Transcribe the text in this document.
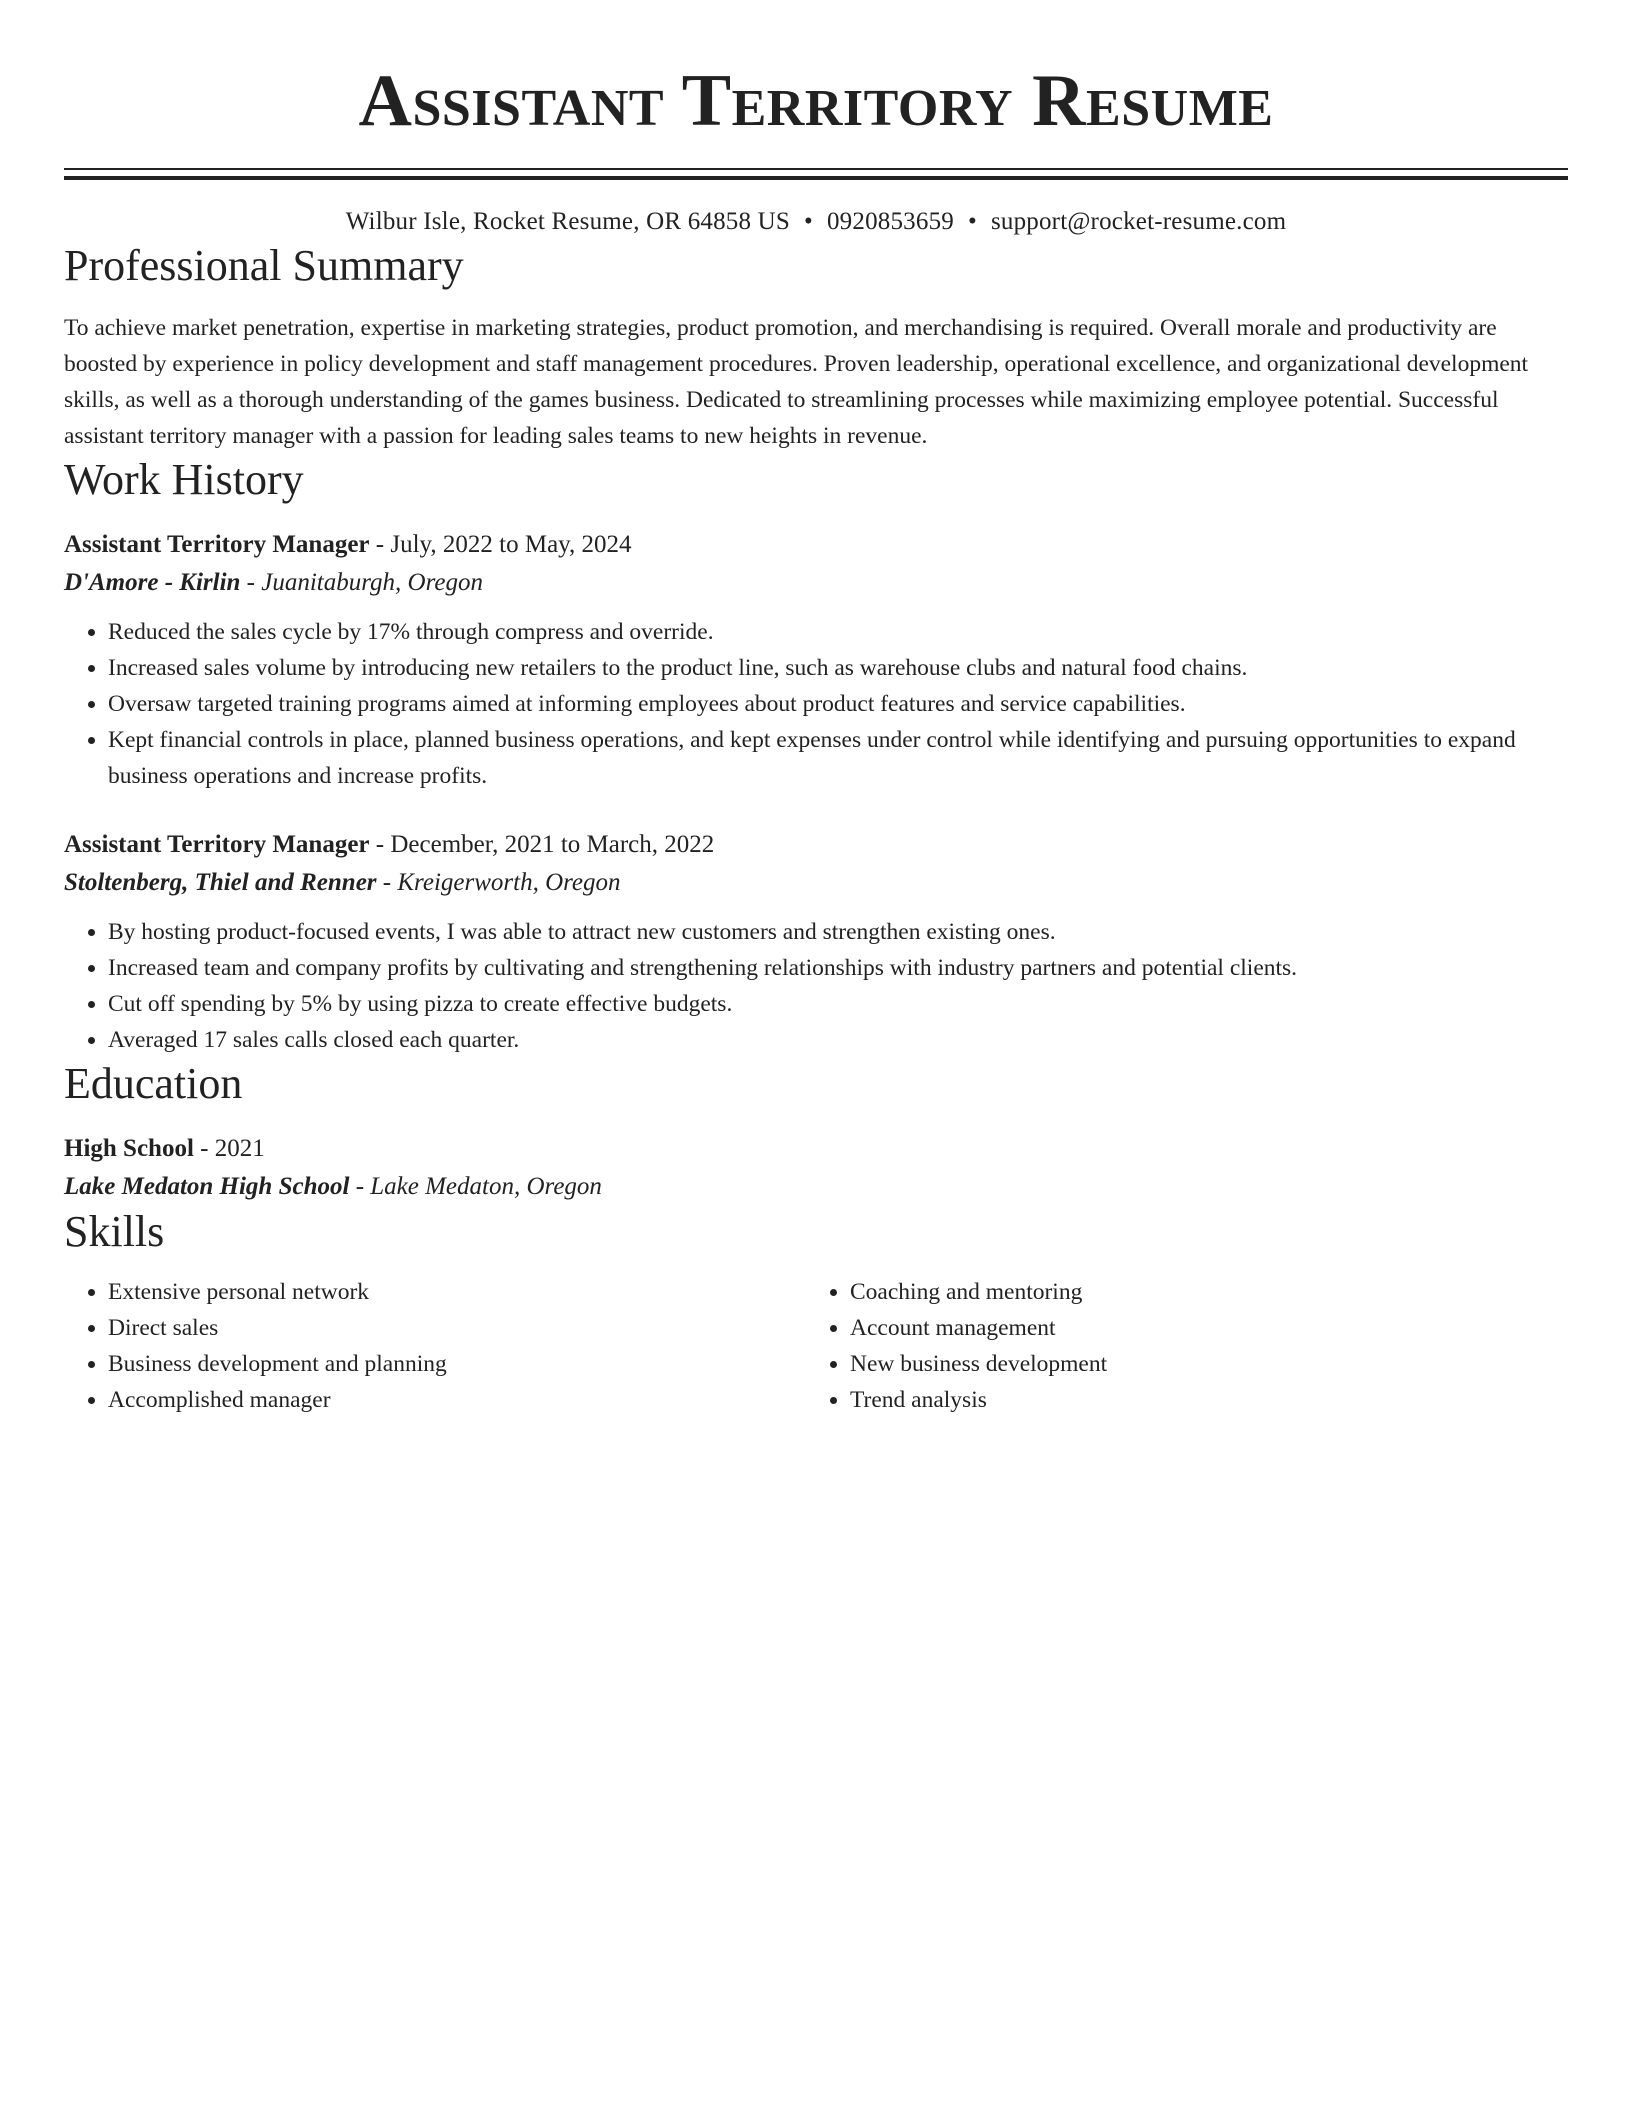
Assistant Territory Resume
Wilbur Isle, Rocket Resume, OR 64858 US • 0920853659 • support@rocket-resume.com
Professional Summary

To achieve market penetration, expertise in marketing strategies, product promotion, and merchandising is required. Overall morale and productivity are boosted by experience in policy development and staff management procedures. Proven leadership, operational excellence, and organizational development skills, as well as a thorough understanding of the games business. Dedicated to streamlining processes while maximizing employee potential. Successful assistant territory manager with a passion for leading sales teams to new heights in revenue.

Work History
Assistant Territory Manager - July, 2022 to May, 2024
D'Amore - Kirlin - Juanitaburgh, Oregon
• Reduced the sales cycle by 17% through compress and override.
• Increased sales volume by introducing new retailers to the product line, such as warehouse clubs and natural food chains.
• Oversaw targeted training programs aimed at informing employees about product features and service capabilities.
• Kept financial controls in place, planned business operations, and kept expenses under control while identifying and pursuing opportunities to expand business operations and increase profits.
Assistant Territory Manager - December, 2021 to March, 2022
Stoltenberg, Thiel and Renner - Kreigerworth, Oregon
• By hosting product-focused events, I was able to attract new customers and strengthen existing ones.
• Increased team and company profits by cultivating and strengthening relationships with industry partners and potential clients.
• Cut off spending by 5% by using pizza to create effective budgets.
• Averaged 17 sales calls closed each quarter.
Education
High School - 2021
Lake Medaton High School - Lake Medaton, Oregon
Skills
• Extensive personal network
• Direct sales
• Business development and planning
• Accomplished manager
• Coaching and mentoring
• Account management
• New business development
• Trend analysis
